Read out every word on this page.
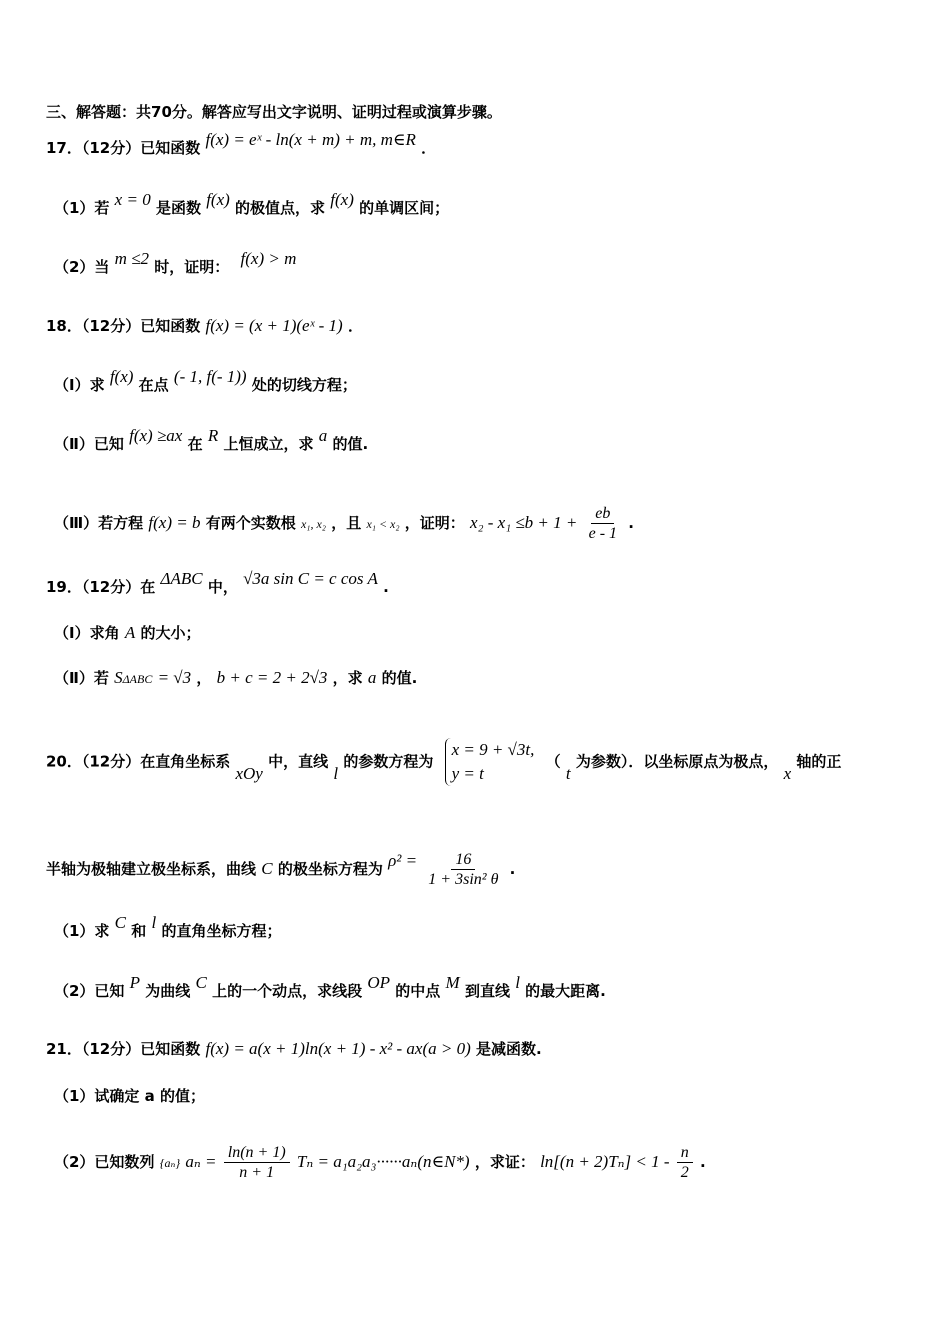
三、解答题：共70分。解答应写出文字说明、证明过程或演算步骤。
17．（12分）已知函数 f(x) = eˣ - ln(x + m) + m, m∈R ．
（1）若 x = 0 是函数 f(x) 的极值点，求 f(x) 的单调区间；
（2）当 m ≤2 时，证明： f(x) > m
18．（12分）已知函数 f(x) = (x + 1)(eˣ - 1) ．
（Ⅰ）求 f(x) 在点 (- 1, f(- 1)) 处的切线方程；
（Ⅱ）已知 f(x) ≥ax 在 R 上恒成立，求 a 的值.
（Ⅲ）若方程 f(x) = b 有两个实数根 x₁, x₂ ，且 x₁ < x₂ ，证明： $x_2 - x_1 \le b + 1 + \frac{eb}{e - 1}$ .
19．（12分）在 ΔABC 中， √3a sin C = c cos A .
（Ⅰ）求角 A 的大小；
（Ⅱ）若 SΔABC = √3 ， b + c = 2 + 2√3 ，求 a 的值.
20．（12分）在直角坐标系 xOy 中，直线 l 的参数方程为
x = 9 + √3t,
y = t
（ t 为参数）．以坐标原点为极点， x 轴的正
半轴为极轴建立极坐标系，曲线 C 的极坐标方程为 $\rho^2 = \frac{16}{\text{1 + 3sin² θ}}$ .
（1）求 C 和 l 的直角坐标方程；
（2）已知 P 为曲线 C 上的一个动点，求线段 OP 的中点 M 到直线 l 的最大距离.
21．（12分）已知函数 f(x) = a(x + 1)ln(x + 1) - x² - ax(a > 0) 是减函数.
（1）试确定 a 的值；
（2）已知数列 {aₙ} $a_n = \frac{\ln(n + 1)}{n + 1}$ Tₙ = a₁a₂a₃······aₙ(n∈N*) ，求证： $\ln[(n + 2)T_n] < 1 - \frac{n}{2}$ .
